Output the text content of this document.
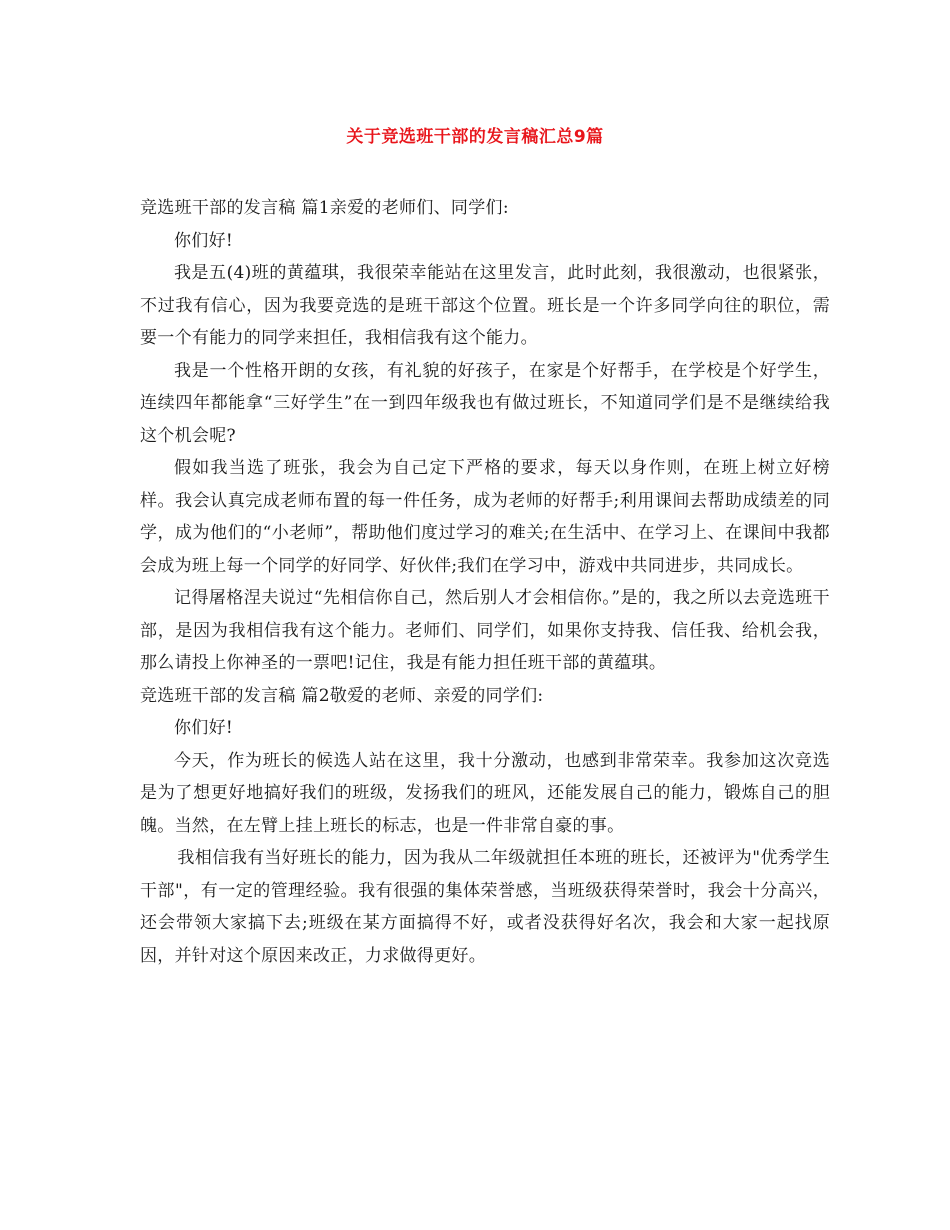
关于竞选班干部的发言稿汇总9篇

竞选班干部的发言稿 篇1亲爱的老师们、同学们:

你们好!

我是五(4)班的黄蕴琪，我很荣幸能站在这里发言，此时此刻，我很激动，也很紧张，不过我有信心，因为我要竞选的是班干部这个位置。班长是一个许多同学向往的职位，需要一个有能力的同学来担任，我相信我有这个能力。

我是一个性格开朗的女孩，有礼貌的好孩子，在家是个好帮手，在学校是个好学生，连续四年都能拿“三好学生”在一到四年级我也有做过班长，不知道同学们是不是继续给我这个机会呢?

假如我当选了班张，我会为自己定下严格的要求，每天以身作则，在班上树立好榜样。我会认真完成老师布置的每一件任务，成为老师的好帮手;利用课间去帮助成绩差的同学，成为他们的“小老师”，帮助他们度过学习的难关;在生活中、在学习上、在课间中我都会成为班上每一个同学的好同学、好伙伴;我们在学习中，游戏中共同进步，共同成长。

记得屠格涅夫说过“先相信你自己，然后别人才会相信你。”是的，我之所以去竞选班干部，是因为我相信我有这个能力。老师们、同学们，如果你支持我、信任我、给机会我，那么请投上你神圣的一票吧!记住，我是有能力担任班干部的黄蕴琪。

竞选班干部的发言稿 篇2敬爱的老师、亲爱的同学们:

你们好!

今天，作为班长的候选人站在这里，我十分激动，也感到非常荣幸。我参加这次竞选是为了想更好地搞好我们的班级，发扬我们的班风，还能发展自己的能力，锻炼自己的胆魄。当然，在左臂上挂上班长的标志，也是一件非常自豪的事。

我相信我有当好班长的能力，因为我从二年级就担任本班的班长，还被评为"优秀学生干部"，有一定的管理经验。我有很强的集体荣誉感，当班级获得荣誉时，我会十分高兴，还会带领大家搞下去;班级在某方面搞得不好，或者没获得好名次，我会和大家一起找原因，并针对这个原因来改正，力求做得更好。
